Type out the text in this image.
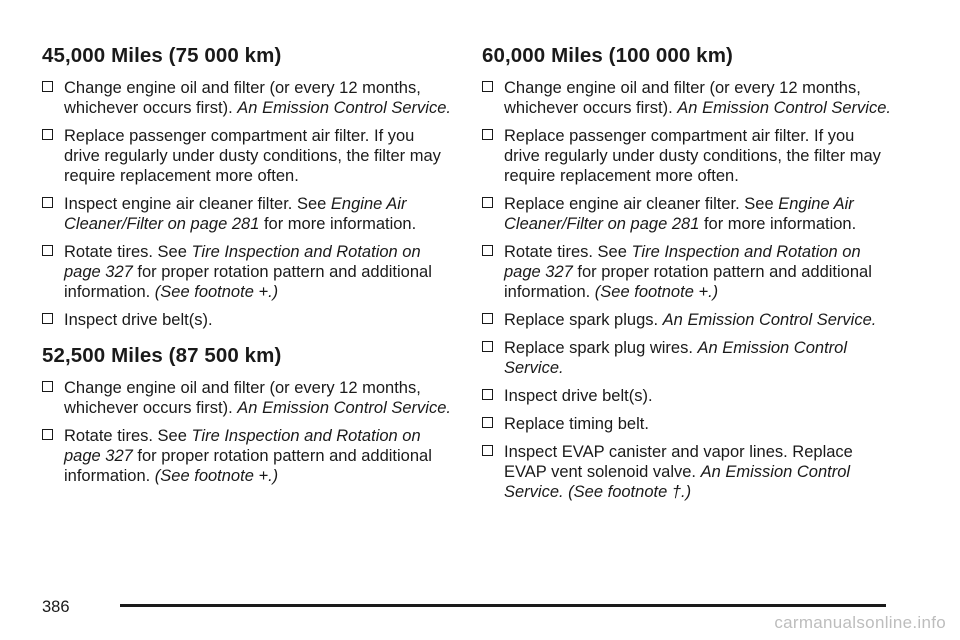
45,000 Miles (75 000 km)
Change engine oil and filter (or every 12 months, whichever occurs first). An Emission Control Service.
Replace passenger compartment air filter. If you drive regularly under dusty conditions, the filter may require replacement more often.
Inspect engine air cleaner filter. See Engine Air Cleaner/Filter on page 281 for more information.
Rotate tires. See Tire Inspection and Rotation on page 327 for proper rotation pattern and additional information. (See footnote +.)
Inspect drive belt(s).
52,500 Miles (87 500 km)
Change engine oil and filter (or every 12 months, whichever occurs first). An Emission Control Service.
Rotate tires. See Tire Inspection and Rotation on page 327 for proper rotation pattern and additional information. (See footnote +.)
60,000 Miles (100 000 km)
Change engine oil and filter (or every 12 months, whichever occurs first). An Emission Control Service.
Replace passenger compartment air filter. If you drive regularly under dusty conditions, the filter may require replacement more often.
Replace engine air cleaner filter. See Engine Air Cleaner/Filter on page 281 for more information.
Rotate tires. See Tire Inspection and Rotation on page 327 for proper rotation pattern and additional information. (See footnote +.)
Replace spark plugs. An Emission Control Service.
Replace spark plug wires. An Emission Control Service.
Inspect drive belt(s).
Replace timing belt.
Inspect EVAP canister and vapor lines. Replace EVAP vent solenoid valve. An Emission Control Service. (See footnote †.)
386
carmanualsonline.info
